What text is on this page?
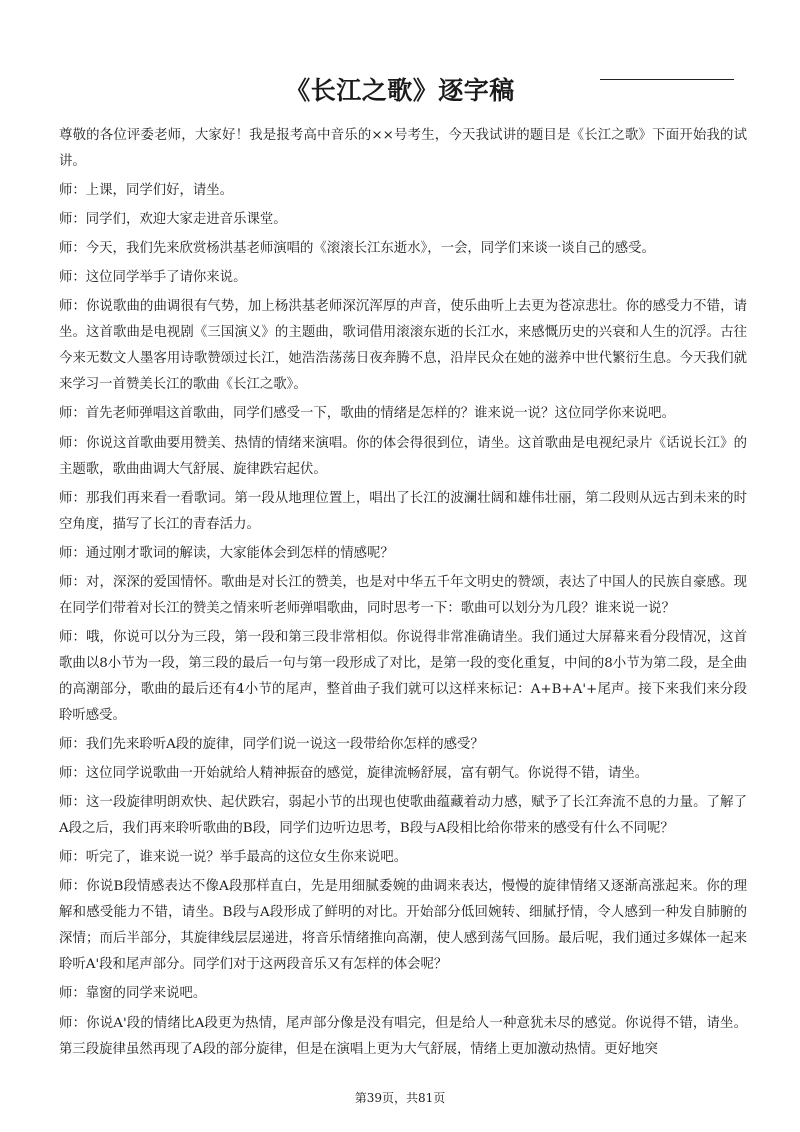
《长江之歌》逐字稿

尊敬的各位评委老师，大家好！我是报考高中音乐的××号考生，今天我试讲的题目是《长江之歌》下面开始我的试讲。

师：上课，同学们好，请坐。

师：同学们，欢迎大家走进音乐课堂。

师：今天，我们先来欣赏杨洪基老师演唱的《滚滚长江东逝水》，一会，同学们来谈一谈自己的感受。

师：这位同学举手了请你来说。

师：你说歌曲的曲调很有气势，加上杨洪基老师深沉浑厚的声音，使乐曲听上去更为苍凉悲壮。你的感受力不错，请坐。这首歌曲是电视剧《三国演义》的主题曲，歌词借用滚滚东逝的长江水，来感慨历史的兴衰和人生的沉浮。古往今来无数文人墨客用诗歌赞颂过长江，她浩浩荡荡日夜奔腾不息，沿岸民众在她的滋养中世代繁衍生息。今天我们就来学习一首赞美长江的歌曲《长江之歌》。

师：首先老师弹唱这首歌曲，同学们感受一下，歌曲的情绪是怎样的？谁来说一说？这位同学你来说吧。

师：你说这首歌曲要用赞美、热情的情绪来演唱。你的体会得很到位，请坐。这首歌曲是电视纪录片《话说长江》的主题歌，歌曲曲调大气舒展、旋律跌宕起伏。

师：那我们再来看一看歌词。第一段从地理位置上，唱出了长江的波澜壮阔和雄伟壮丽，第二段则从远古到未来的时空角度，描写了长江的青春活力。

师：通过刚才歌词的解读，大家能体会到怎样的情感呢？

师：对，深深的爱国情怀。歌曲是对长江的赞美，也是对中华五千年文明史的赞颂，表达了中国人的民族自豪感。现在同学们带着对长江的赞美之情来听老师弹唱歌曲，同时思考一下：歌曲可以划分为几段？谁来说一说？

师：哦，你说可以分为三段，第一段和第三段非常相似。你说得非常准确请坐。我们通过大屏幕来看分段情况，这首歌曲以8小节为一段，第三段的最后一句与第一段形成了对比，是第一段的变化重复，中间的8小节为第二段，是全曲的高潮部分，歌曲的最后还有4小节的尾声，整首曲子我们就可以这样来标记：A+B+A'+尾声。接下来我们来分段聆听感受。

师：我们先来聆听A段的旋律，同学们说一说这一段带给你怎样的感受？

师：这位同学说歌曲一开始就给人精神振奋的感觉，旋律流畅舒展，富有朝气。你说得不错，请坐。

师：这一段旋律明朗欢快、起伏跌宕，弱起小节的出现也使歌曲蕴藏着动力感，赋予了长江奔流不息的力量。了解了A段之后，我们再来聆听歌曲的B段，同学们边听边思考，B段与A段相比给你带来的感受有什么不同呢？

师：听完了，谁来说一说？举手最高的这位女生你来说吧。

师：你说B段情感表达不像A段那样直白，先是用细腻委婉的曲调来表达，慢慢的旋律情绪又逐渐高涨起来。你的理解和感受能力不错，请坐。B段与A段形成了鲜明的对比。开始部分低回婉转、细腻抒情，令人感到一种发自肺腑的深情；而后半部分，其旋律线层层递进，将音乐情绪推向高潮，使人感到荡气回肠。最后呢，我们通过多媒体一起来聆听A'段和尾声部分。同学们对于这两段音乐又有怎样的体会呢？

师：靠窗的同学来说吧。

师：你说A'段的情绪比A段更为热情，尾声部分像是没有唱完，但是给人一种意犹未尽的感觉。你说得不错，请坐。第三段旋律虽然再现了A段的部分旋律，但是在演唱上更为大气舒展，情绪上更加激动热情。更好地突

第39页，共81页
